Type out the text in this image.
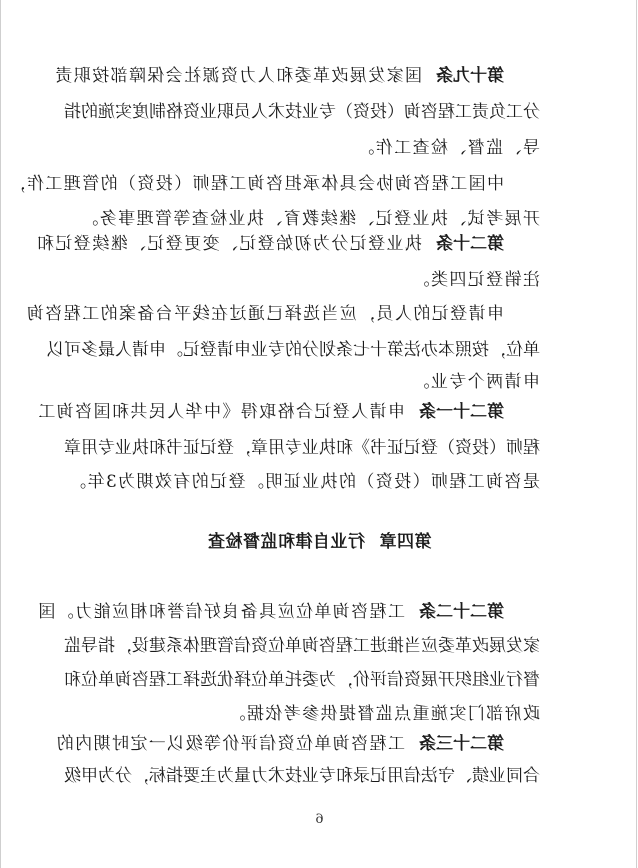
第十九条国家发展改革委和人力资源社会保障部按职责
分工负责工程咨询（投资）专业技术人员职业资格制度实施的指
导、监督、检查工作。
中国工程咨询协会具体承担咨询工程师（投资）的管理工作，
开展考试、执业登记、继续教育、执业检查等管理事务。
第二十条执业登记分为初始登记、变更登记、继续登记和
注销登记四类。
申请登记的人员，应当选择已通过在线平台备案的工程咨询
单位，按照本办法第十七条划分的专业申请登记。申请人最多可以
申请两个专业。
第二十一条申请人登记合格取得《中华人民共和国咨询工
程师（投资）登记证书》和执业专用章，登记证书和执业专用章
是咨询工程师（投资）的执业证明。登记的有效期为3年。
第四章行业自律和监督检查
第二十二条工程咨询单位应具备良好信誉和相应能力。国
家发展改革委应当推进工程咨询单位资信管理体系建设，指导监
督行业组织开展资信评价，为委托单位择优选择工程咨询单位和
政府部门实施重点监督提供参考依据。
第二十三条工程咨询单位资信评价等级以一定时期内的
合同业绩、守法信用记录和专业技术力量为主要指标，分为甲级
6
